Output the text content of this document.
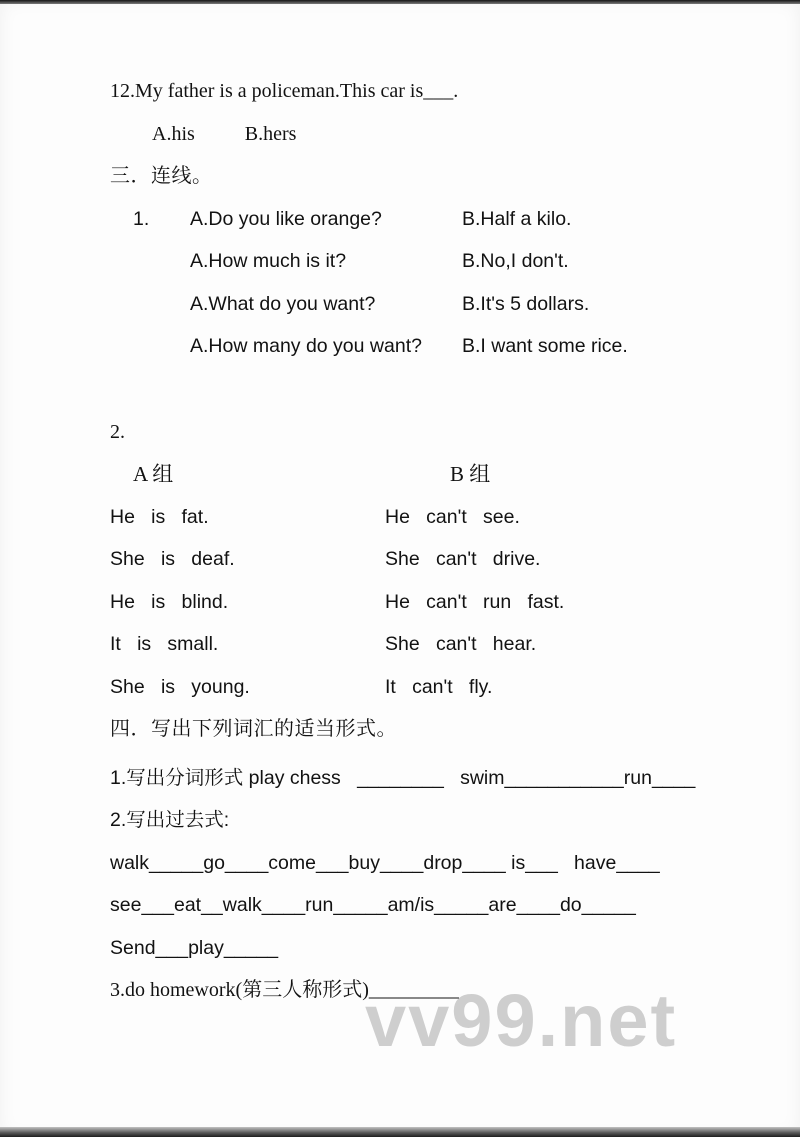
12.My father is a policeman.This car is___.
A.his          B.hers
三．连线。
1.	A.Do you like orange?	B.Half a kilo.
A.How much is it?	B.No,I don't.
A.What do you want?	B.It's 5 dollars.
A.How many do you want?	B.I want some rice.
2.
A 组	B 组
He   is   fat.	He   can't   see.
She   is   deaf.	She   can't   drive.
He   is   blind.	He   can't   run   fast.
It   is   small.	She   can't   hear.
She   is   young.	It   can't   fly.
四．写出下列词汇的适当形式。
1.写出分词形式 play chess   ________   swim___________run____
2.写出过去式:
walk_____go____come___buy____drop____ is___   have____
see___eat__walk____run_____am/is_____are____do_____
Send___play_____
3.do homework(第三人称形式)_________
vv99.net
